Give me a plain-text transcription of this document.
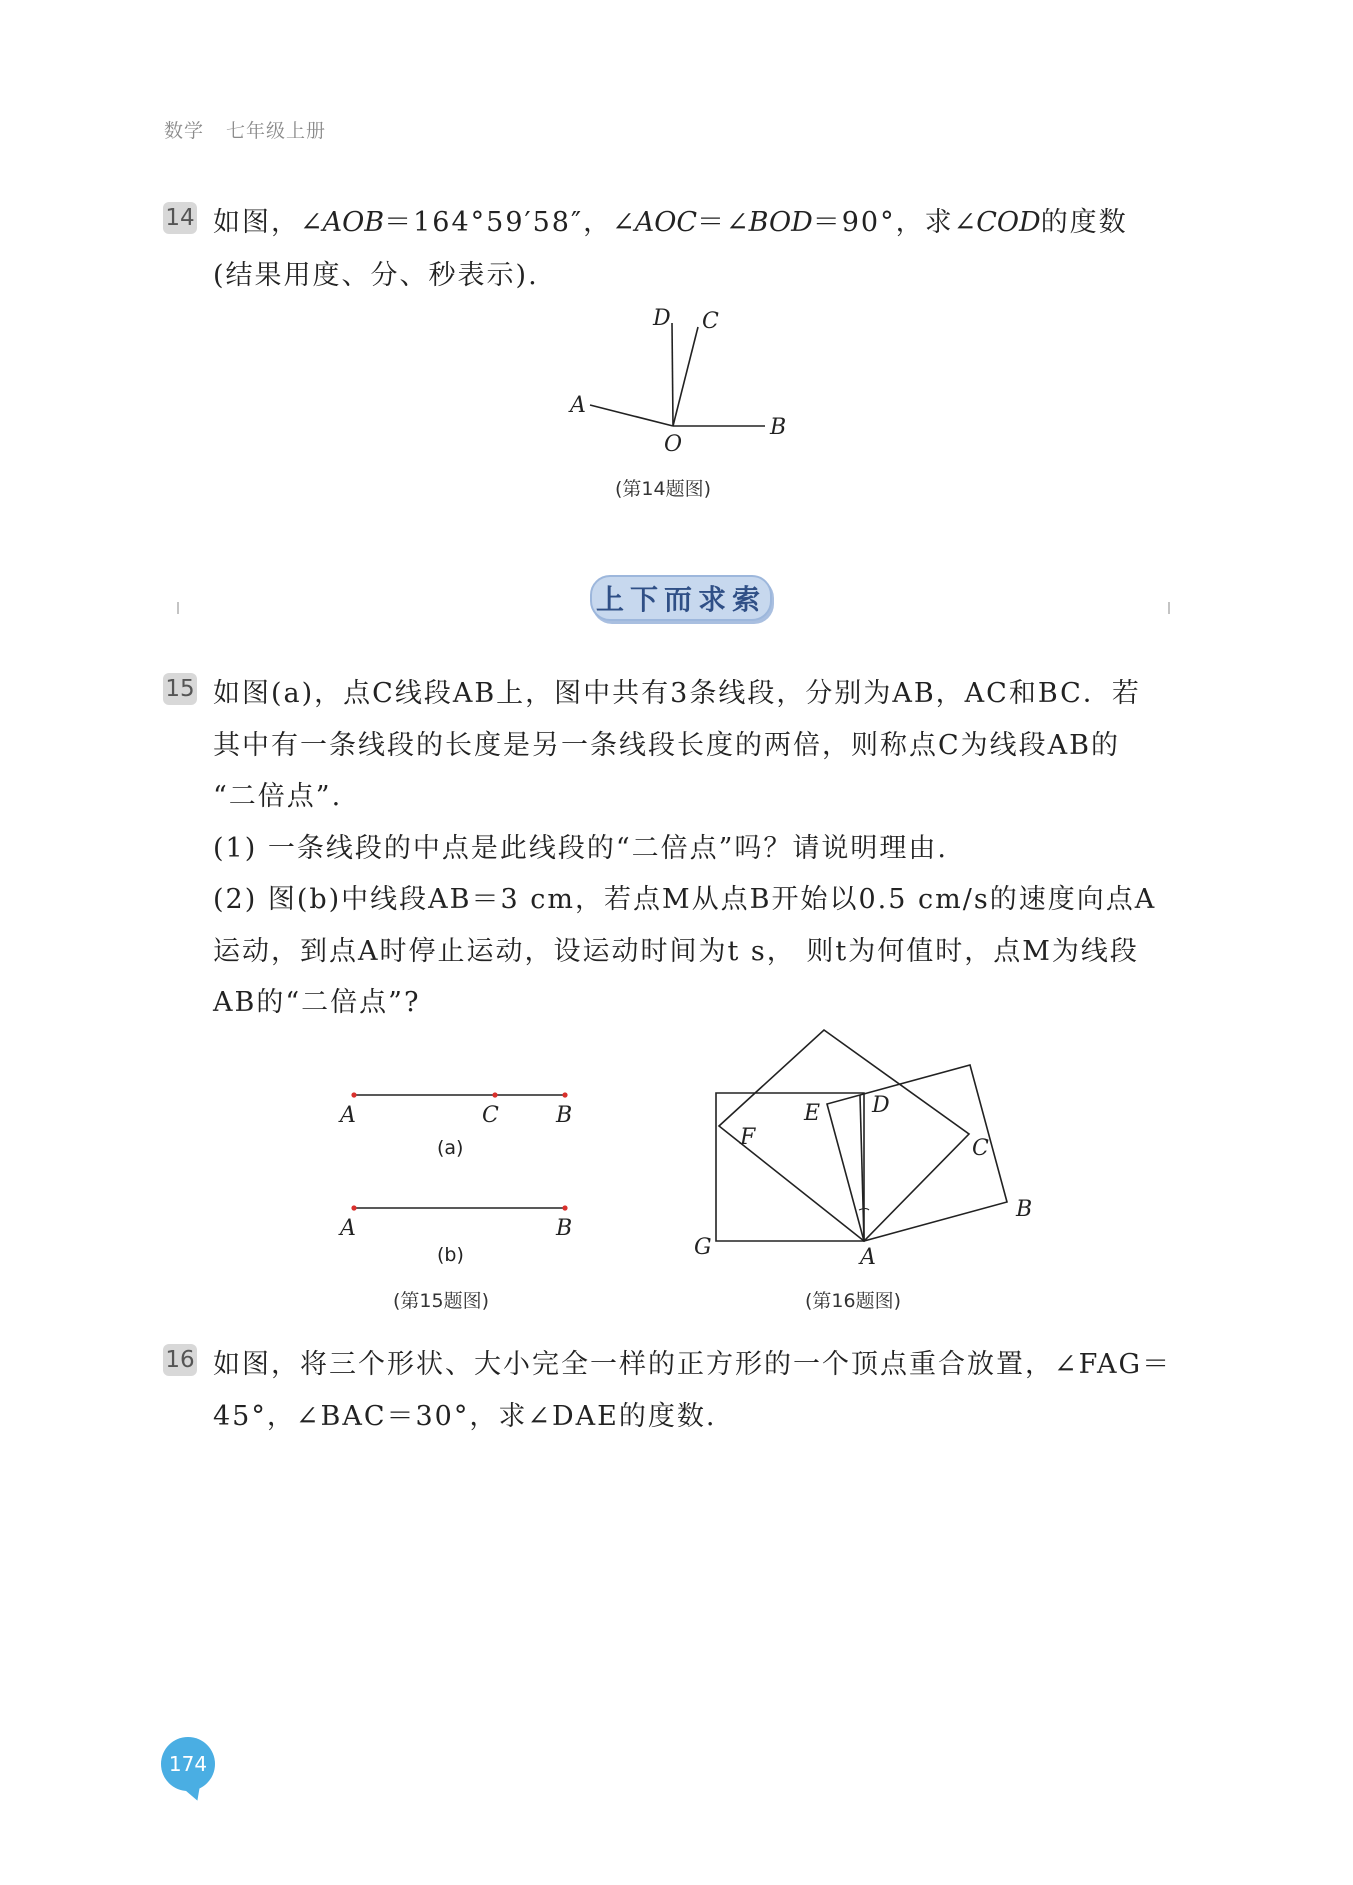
数学 七年级上册
14 如图，∠AOB＝164°59′58″，∠AOC＝∠BOD＝90°，求∠COD的度数
(结果用度、分、秒表示).
D C
A
O
B
(第14题图)
上下而求索
15 如图(a)，点C线段AB上，图中共有3条线段，分别为AB，AC和BC．若
其中有一条线段的长度是另一条线段长度的两倍，则称点C为线段AB的
“二倍点”.
(1) 一条线段的中点是此线段的“二倍点”吗？请说明理由.
(2) 图(b)中线段AB＝3 cm，若点M从点B开始以0.5 cm/s的速度向点A
运动，到点A时停止运动，设运动时间为t s， 则t为何值时，点M为线段
AB的“二倍点”?
A	C	B
(a)
A	B
(b)
(第15题图)
E D
F	C
B
G	A
(第16题图)
16 如图，将三个形状、大小完全一样的正方形的一个顶点重合放置，∠FAG＝
45°，∠BAC＝30°，求∠DAE的度数.
174
